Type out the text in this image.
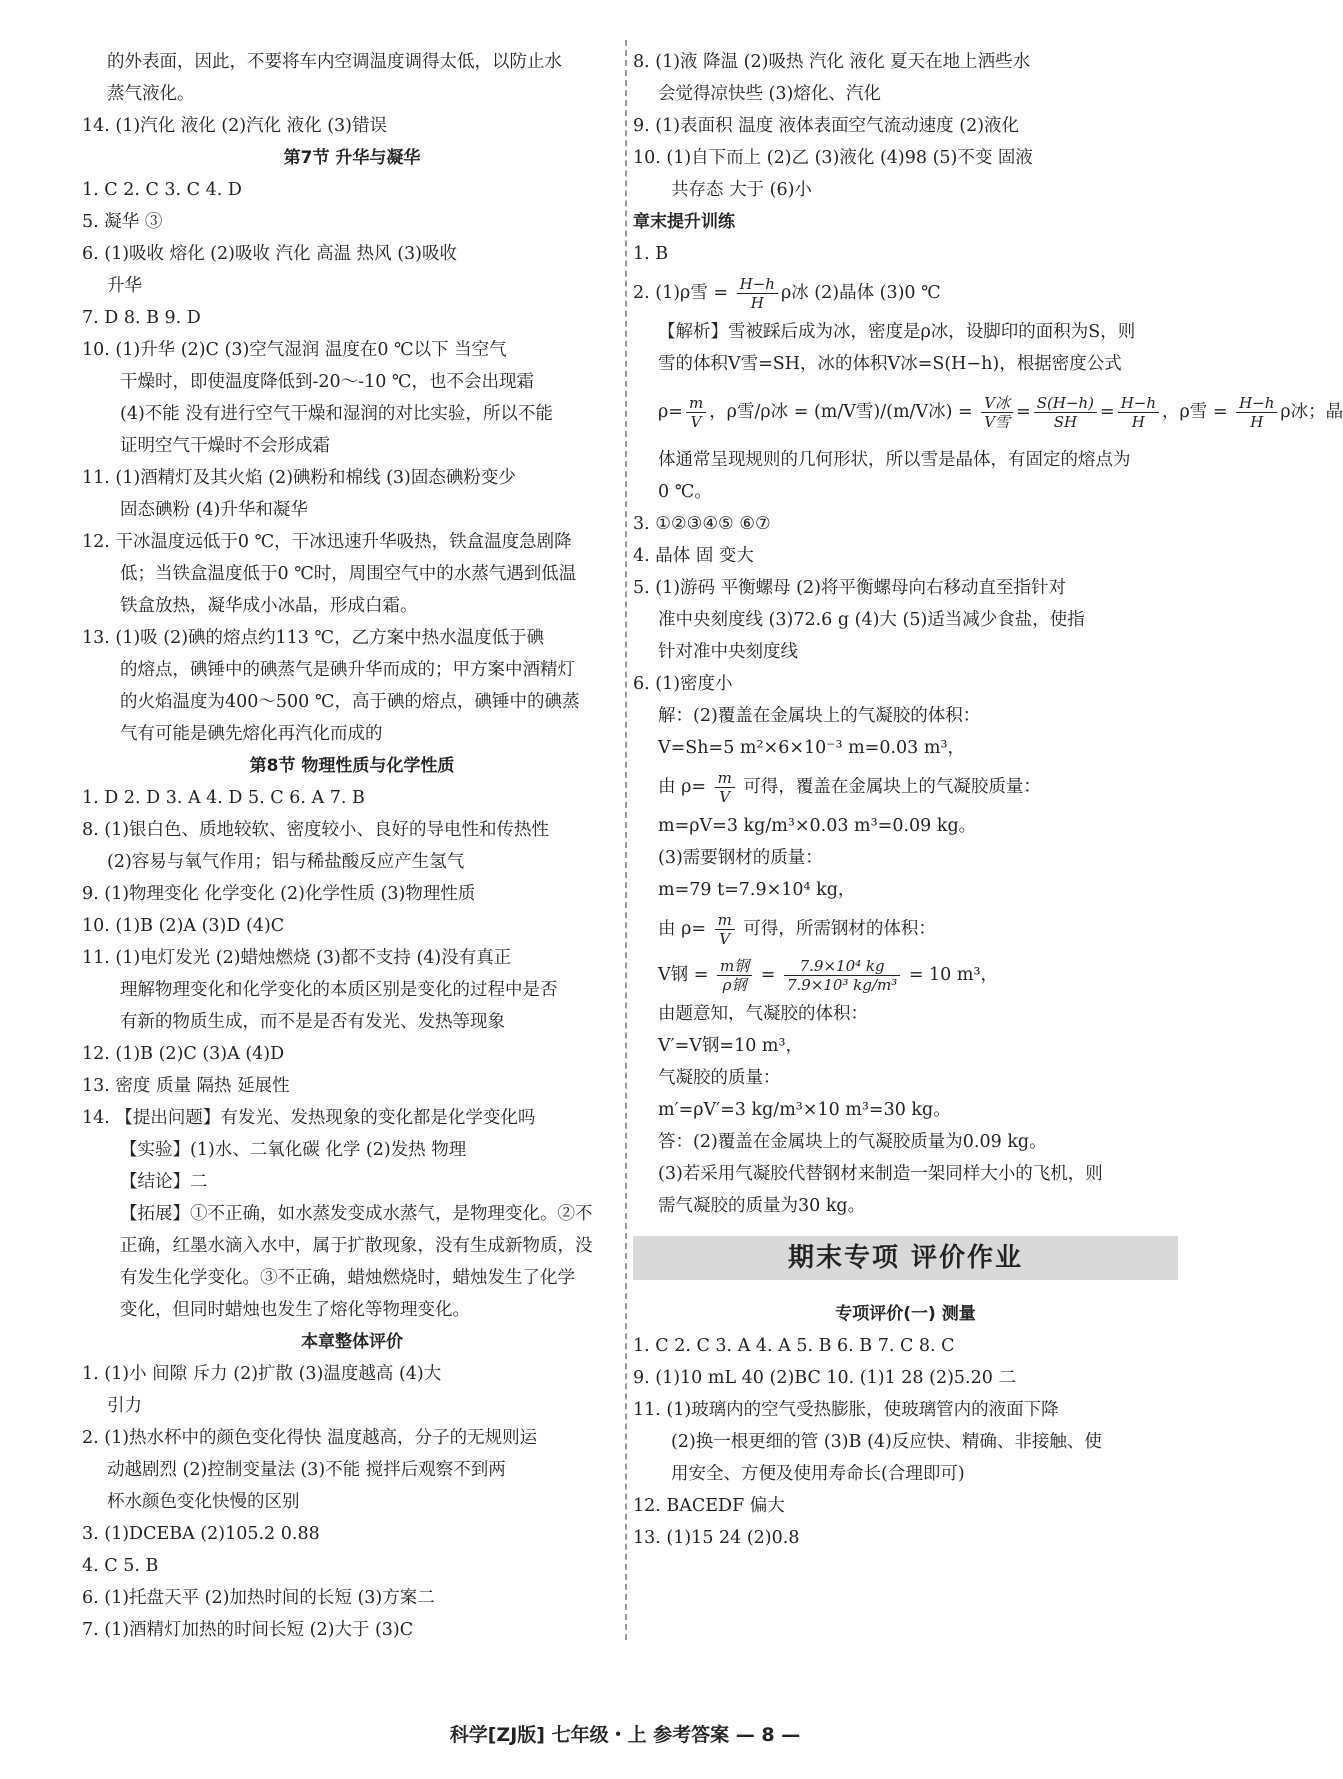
的外表面，因此，不要将车内空调温度调得太低，以防止水
蒸气液化。
14. (1)汽化 液化 (2)汽化 液化 (3)错误
第7节 升华与凝华
1. C 2. C 3. C 4. D
5. 凝华 ③
6. (1)吸收 熔化 (2)吸收 汽化 高温 热风 (3)吸收
升华
7. D 8. B 9. D
10. (1)升华 (2)C (3)空气湿润 温度在0 ℃以下 当空气
干燥时，即使温度降低到-20～-10 ℃，也不会出现霜
(4)不能 没有进行空气干燥和湿润的对比实验，所以不能
证明空气干燥时不会形成霜
11. (1)酒精灯及其火焰 (2)碘粉和棉线 (3)固态碘粉变少
固态碘粉 (4)升华和凝华
12. 干冰温度远低于0 ℃，干冰迅速升华吸热，铁盒温度急剧降
低；当铁盒温度低于0 ℃时，周围空气中的水蒸气遇到低温
铁盒放热，凝华成小冰晶，形成白霜。
13. (1)吸 (2)碘的熔点约113 ℃，乙方案中热水温度低于碘
的熔点，碘锤中的碘蒸气是碘升华而成的；甲方案中酒精灯
的火焰温度为400～500 ℃，高于碘的熔点，碘锤中的碘蒸
气有可能是碘先熔化再汽化而成的
第8节 物理性质与化学性质
1. D 2. D 3. A 4. D 5. C 6. A 7. B
8. (1)银白色、质地较软、密度较小、良好的导电性和传热性
(2)容易与氧气作用；铝与稀盐酸反应产生氢气
9. (1)物理变化 化学变化 (2)化学性质 (3)物理性质
10. (1)B (2)A (3)D (4)C
11. (1)电灯发光 (2)蜡烛燃烧 (3)都不支持 (4)没有真正
理解物理变化和化学变化的本质区别是变化的过程中是否
有新的物质生成，而不是是否有发光、发热等现象
12. (1)B (2)C (3)A (4)D
13. 密度 质量 隔热 延展性
14. 【提出问题】有发光、发热现象的变化都是化学变化吗
【实验】(1)水、二氧化碳 化学 (2)发热 物理
【结论】二
【拓展】①不正确，如水蒸发变成水蒸气，是物理变化。②不
正确，红墨水滴入水中，属于扩散现象，没有生成新物质，没
有发生化学变化。③不正确，蜡烛燃烧时，蜡烛发生了化学
变化，但同时蜡烛也发生了熔化等物理变化。
本章整体评价
1. (1)小 间隙 斥力 (2)扩散 (3)温度越高 (4)大
引力
2. (1)热水杯中的颜色变化得快 温度越高，分子的无规则运
动越剧烈 (2)控制变量法 (3)不能 搅拌后观察不到两
杯水颜色变化快慢的区别
3. (1)DCEBA (2)105.2 0.88
4. C 5. B
6. (1)托盘天平 (2)加热时间的长短 (3)方案二
7. (1)酒精灯加热的时间长短 (2)大于 (3)C
8. (1)液 降温 (2)吸热 汽化 液化 夏天在地上洒些水
会觉得凉快些 (3)熔化、汽化
9. (1)表面积 温度 液体表面空气流动速度 (2)液化
10. (1)自下而上 (2)乙 (3)液化 (4)98 (5)不变 固液
共存态 大于 (6)小
章末提升训练
1. B
2. (1)ρ雪 = $\frac{H-h}{H}$ ρ冰 (2)晶体 (3)0 ℃
【解析】雪被踩后成为冰，密度是ρ冰，设脚印的面积为S，则
雪的体积V雪=SH，冰的体积V冰=S(H−h)，根据密度公式
$\rho= \frac{m}{V}$ ，ρ雪/ρ冰 = (m/V雪)/(m/V冰) = $\frac{\text{V冰}}{\text{V雪}} = \frac{S(H-h)}{SH} = \frac{H-h}{H}$ ，ρ雪 = $\frac{H-h}{H}$ ρ冰；晶
体通常呈现规则的几何形状，所以雪是晶体，有固定的熔点为
0 ℃。
3. ①②③④⑤ ⑥⑦
4. 晶体 固 变大
5. (1)游码 平衡螺母 (2)将平衡螺母向右移动直至指针对
准中央刻度线 (3)72.6 g (4)大 (5)适当减少食盐，使指
针对准中央刻度线
6. (1)密度小
解：(2)覆盖在金属块上的气凝胶的体积：
V=Sh=5 m²×6×10⁻³ m=0.03 m³，
由 $\rho= \frac{m}{V}$ 可得，覆盖在金属块上的气凝胶质量：
m=ρV=3 kg/m³×0.03 m³=0.09 kg。
(3)需要钢材的质量：
m=79 t=7.9×10⁴ kg，
由 $\rho= \frac{m}{V}$ 可得，所需钢材的体积：
V钢 = $\frac{\text{m钢}}{\text{ρ钢}} = \frac{\text{7.9×10⁴ kg}}{\text{7.9×10³ kg/m³}} = 10$ m³，
由题意知，气凝胶的体积：
V′=V钢=10 m³，
气凝胶的质量：
m′=ρV′=3 kg/m³×10 m³=30 kg。
答：(2)覆盖在金属块上的气凝胶质量为0.09 kg。
(3)若采用气凝胶代替钢材来制造一架同样大小的飞机，则
需气凝胶的质量为30 kg。
期末专项 评价作业
专项评价(一) 测量
1. C 2. C 3. A 4. A 5. B 6. B 7. C 8. C
9. (1)10 mL 40 (2)BC 10. (1)1 28 (2)5.20 二
11. (1)玻璃内的空气受热膨胀，使玻璃管内的液面下降
(2)换一根更细的管 (3)B (4)反应快、精确、非接触、使
用安全、方便及使用寿命长(合理即可)
12. BACEDF 偏大
13. (1)15 24 (2)0.8
科学[ZJ版] 七年级・上 参考答案 — 8 —
